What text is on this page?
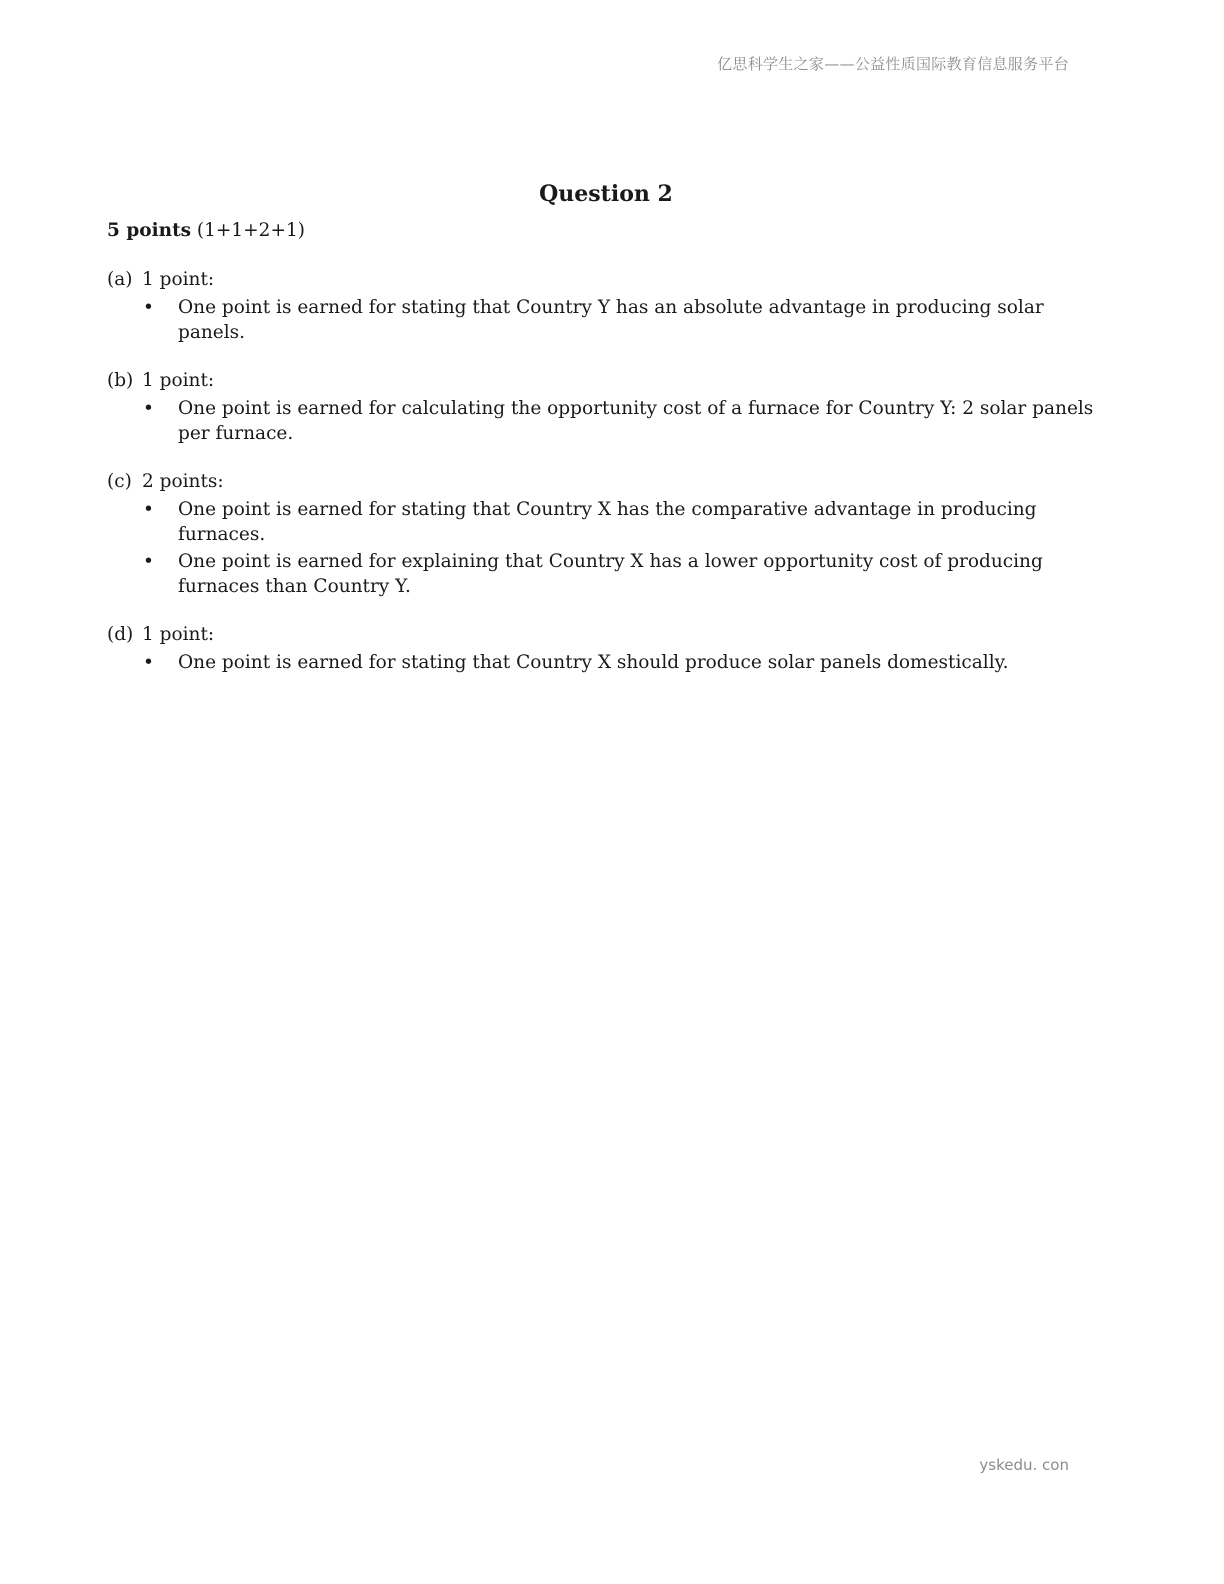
亿思科学生之家——公益性质国际教育信息服务平台
Question 2

5 points (1+1+2+1)

(a) 1 point:
• One point is earned for stating that Country Y has an absolute advantage in producing solar panels.
(b) 1 point:
• One point is earned for calculating the opportunity cost of a furnace for Country Y: 2 solar panels per furnace.
(c) 2 points:
• One point is earned for stating that Country X has the comparative advantage in producing furnaces.
• One point is earned for explaining that Country X has a lower opportunity cost of producing furnaces than Country Y.
(d) 1 point:
• One point is earned for stating that Country X should produce solar panels domestically.
yskedu. con
